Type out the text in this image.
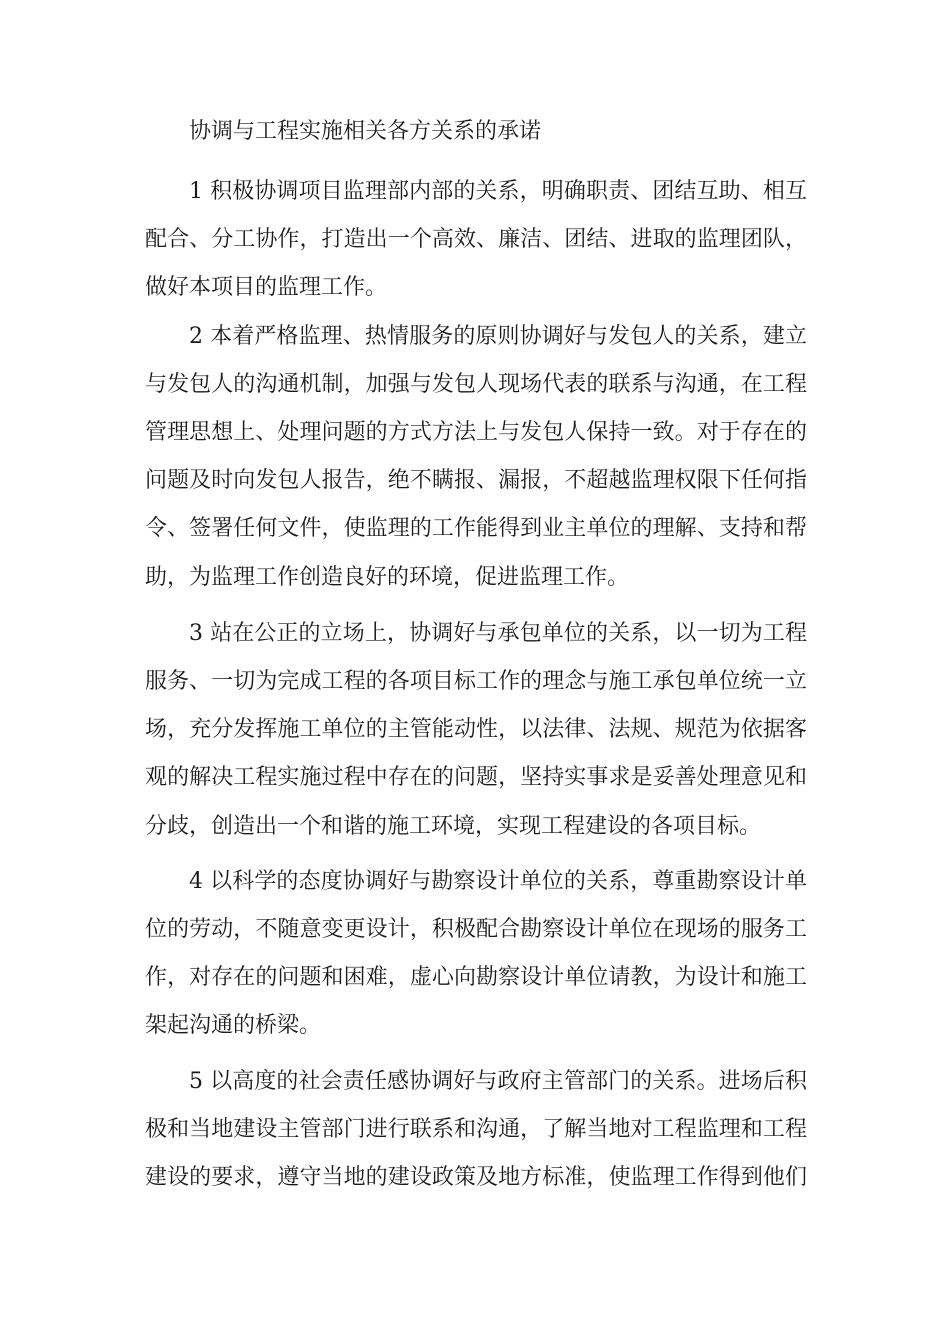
协调与工程实施相关各方关系的承诺
1 积极协调项目监理部内部的关系，明确职责、团结互助、相互
配合、分工协作，打造出一个高效、廉洁、团结、进取的监理团队，
做好本项目的监理工作。
2 本着严格监理、热情服务的原则协调好与发包人的关系，建立
与发包人的沟通机制，加强与发包人现场代表的联系与沟通，在工程
管理思想上、处理问题的方式方法上与发包人保持一致。对于存在的
问题及时向发包人报告，绝不瞒报、漏报，不超越监理权限下任何指
令、签署任何文件，使监理的工作能得到业主单位的理解、支持和帮
助，为监理工作创造良好的环境，促进监理工作。
3 站在公正的立场上，协调好与承包单位的关系，以一切为工程
服务、一切为完成工程的各项目标工作的理念与施工承包单位统一立
场，充分发挥施工单位的主管能动性，以法律、法规、规范为依据客
观的解决工程实施过程中存在的问题，坚持实事求是妥善处理意见和
分歧，创造出一个和谐的施工环境，实现工程建设的各项目标。
4 以科学的态度协调好与勘察设计单位的关系，尊重勘察设计单
位的劳动，不随意变更设计，积极配合勘察设计单位在现场的服务工
作，对存在的问题和困难，虚心向勘察设计单位请教，为设计和施工
架起沟通的桥梁。
5 以高度的社会责任感协调好与政府主管部门的关系。进场后积
极和当地建设主管部门进行联系和沟通，了解当地对工程监理和工程
建设的要求，遵守当地的建设政策及地方标准，使监理工作得到他们
